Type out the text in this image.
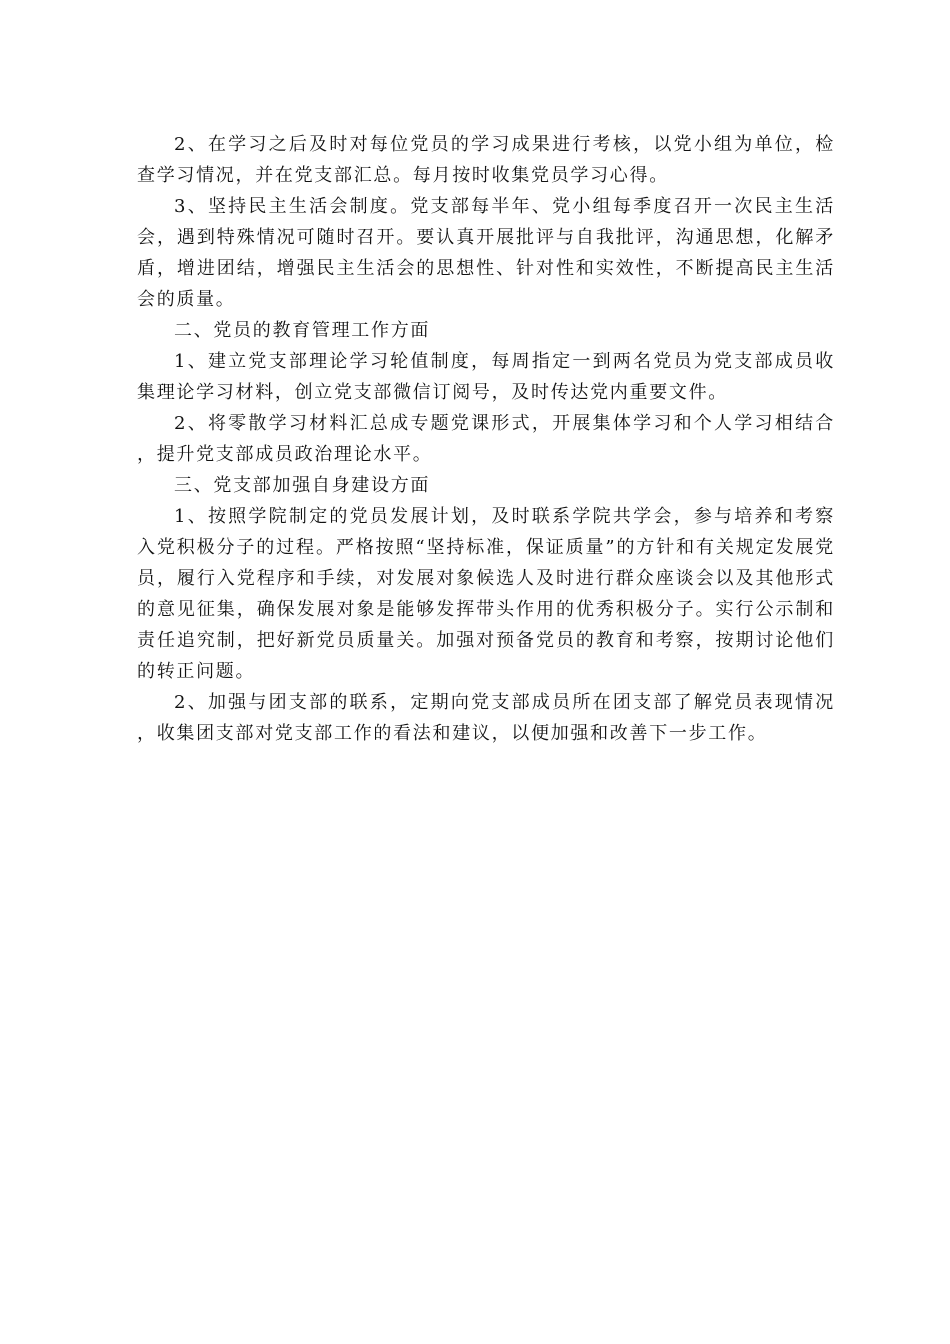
2、在学习之后及时对每位党员的学习成果进行考核，以党小组为单位，检查学习情况，并在党支部汇总。每月按时收集党员学习心得。

3、坚持民主生活会制度。党支部每半年、党小组每季度召开一次民主生活会，遇到特殊情况可随时召开。要认真开展批评与自我批评，沟通思想，化解矛盾，增进团结，增强民主生活会的思想性、针对性和实效性，不断提高民主生活会的质量。

二、党员的教育管理工作方面

1、建立党支部理论学习轮值制度，每周指定一到两名党员为党支部成员收集理论学习材料，创立党支部微信订阅号，及时传达党内重要文件。

2、将零散学习材料汇总成专题党课形式，开展集体学习和个人学习相结合，提升党支部成员政治理论水平。

三、党支部加强自身建设方面

1、按照学院制定的党员发展计划，及时联系学院共学会，参与培养和考察入党积极分子的过程。严格按照“坚持标准，保证质量”的方针和有关规定发展党员，履行入党程序和手续，对发展对象候选人及时进行群众座谈会以及其他形式的意见征集，确保发展对象是能够发挥带头作用的优秀积极分子。实行公示制和责任追究制，把好新党员质量关。加强对预备党员的教育和考察，按期讨论他们的转正问题。

2、加强与团支部的联系，定期向党支部成员所在团支部了解党员表现情况，收集团支部对党支部工作的看法和建议，以便加强和改善下一步工作。
